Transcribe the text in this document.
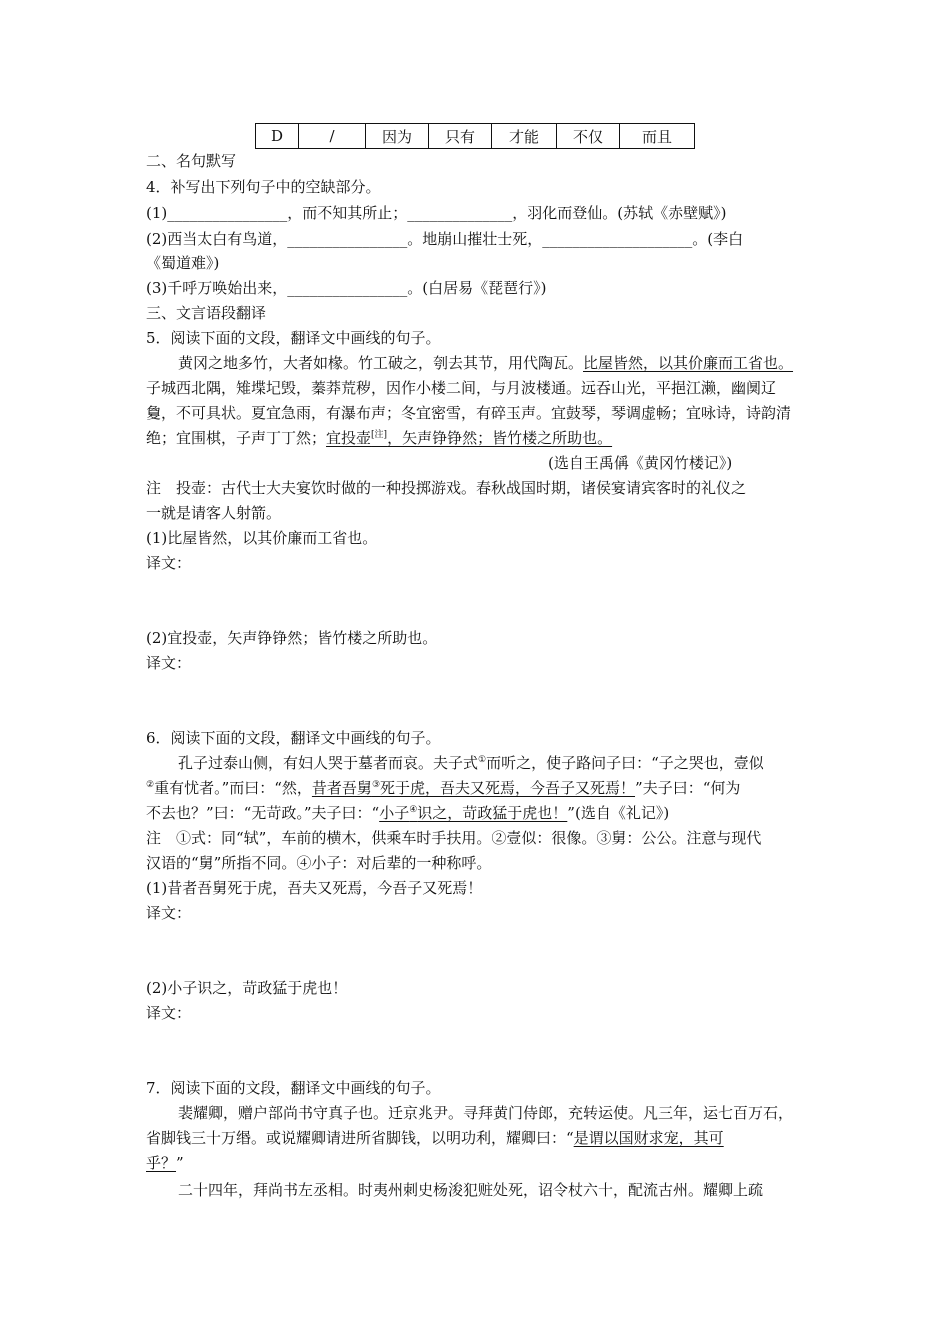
D	/	因为	只有	才能	不仅	而且
二、名句默写
4．补写出下列句子中的空缺部分。
(1)________________，而不知其所止；______________，羽化而登仙。(苏轼《赤壁赋》)
(2)西当太白有鸟道，________________。地崩山摧壮士死，____________________。(李白
《蜀道难》)
(3)千呼万唤始出来，________________。(白居易《琵琶行》)
三、文言语段翻译
5．阅读下面的文段，翻译文中画线的句子。
黄冈之地多竹，大者如椽。竹工破之，刳去其节，用代陶瓦。比屋皆然，以其价廉而工省也。
子城西北隅，雉堞圮毁，蓁莽荒秽，因作小楼二间，与月波楼通。远吞山光，平挹江濑，幽阒辽
敻，不可具状。夏宜急雨，有瀑布声；冬宜密雪，有碎玉声。宜鼓琴，琴调虚畅；宜咏诗，诗韵清
绝；宜围棋，子声丁丁然；宜投壶[注]，矢声铮铮然；皆竹楼之所助也。
(选自王禹偁《黄冈竹楼记》)
注　投壶：古代士大夫宴饮时做的一种投掷游戏。春秋战国时期，诸侯宴请宾客时的礼仪之
一就是请客人射箭。
(1)比屋皆然，以其价廉而工省也。
译文：
(2)宜投壶，矢声铮铮然；皆竹楼之所助也。
译文：
6．阅读下面的文段，翻译文中画线的句子。
孔子过泰山侧，有妇人哭于墓者而哀。夫子式①而听之，使子路问子曰：“子之哭也，壹似
②重有忧者。”而曰：“然，昔者吾舅③死于虎，吾夫又死焉，今吾子又死焉！”夫子曰：“何为
不去也？”曰：“无苛政。”夫子曰：“小子④识之，苛政猛于虎也！”(选自《礼记》)
注　①式：同“轼”，车前的横木，供乘车时手扶用。②壹似：很像。③舅：公公。注意与现代
汉语的“舅”所指不同。④小子：对后辈的一种称呼。
(1)昔者吾舅死于虎，吾夫又死焉，今吾子又死焉！
译文：
(2)小子识之，苛政猛于虎也！
译文：
7．阅读下面的文段，翻译文中画线的句子。
裴耀卿，赠户部尚书守真子也。迁京兆尹。寻拜黄门侍郎，充转运使。凡三年，运七百万石，
省脚钱三十万缗。或说耀卿请进所省脚钱，以明功利，耀卿曰：“是谓以国财求宠，其可
乎？”
二十四年，拜尚书左丞相。时夷州刺史杨浚犯赃处死，诏令杖六十，配流古州。耀卿上疏
